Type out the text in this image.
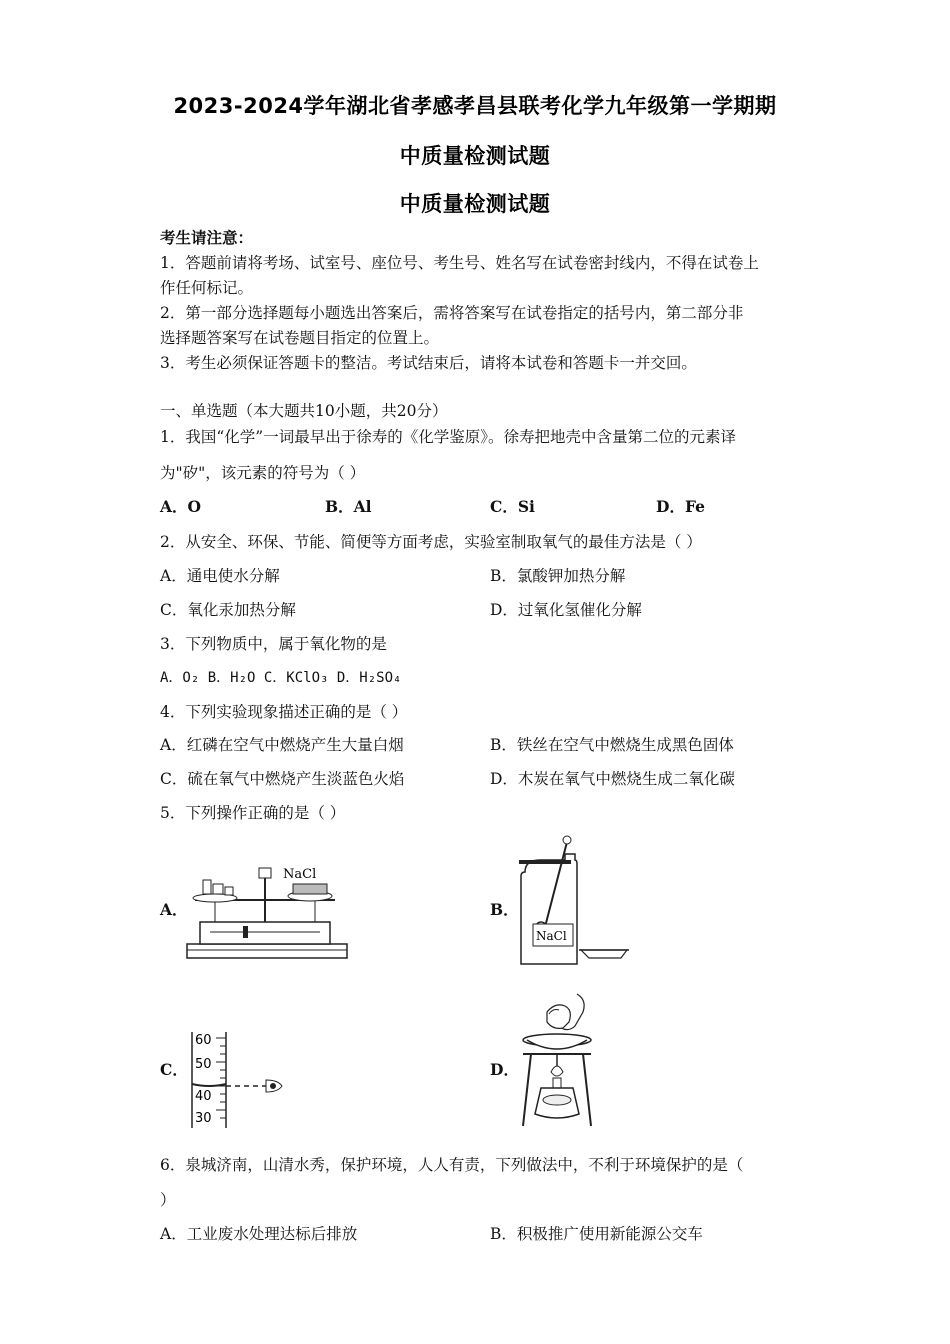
2023-2024学年湖北省孝感孝昌县联考化学九年级第一学期期
中质量检测试题
中质量检测试题
考生请注意：
1．答题前请将考场、试室号、座位号、考生号、姓名写在试卷密封线内，不得在试卷上
作任何标记。
2．第一部分选择题每小题选出答案后，需将答案写在试卷指定的括号内，第二部分非
选择题答案写在试卷题目指定的位置上。
3．考生必须保证答题卡的整洁。考试结束后，请将本试卷和答题卡一并交回。
一、单选题（本大题共10小题，共20分）
1．我国“化学”一词最早出于徐寿的《化学鉴原》。徐寿把地壳中含量第二位的元素译
为"矽"，该元素的符号为（ ）
A．O	B．Al	C．Si	D．Fe
2．从安全、环保、节能、简便等方面考虑，实验室制取氧气的最佳方法是（ ）
A．通电使水分解	B．氯酸钾加热分解
C．氧化汞加热分解	D．过氧化氢催化分解
3．下列物质中，属于氧化物的是
A．O₂ B．H₂O C．KClO₃ D．H₂SO₄
4．下列实验现象描述正确的是（ ）
A．红磷在空气中燃烧产生大量白烟	B．铁丝在空气中燃烧生成黑色固体
C．硫在氧气中燃烧产生淡蓝色火焰	D．木炭在氧气中燃烧生成二氧化碳
5．下列操作正确的是（ ）
A．
NaCl
B．
NaCl
C．
60
50
40
30
D．
6．泉城济南，山清水秀，保护环境，人人有责，下列做法中，不利于环境保护的是（
）
A．工业废水处理达标后排放	B．积极推广使用新能源公交车
